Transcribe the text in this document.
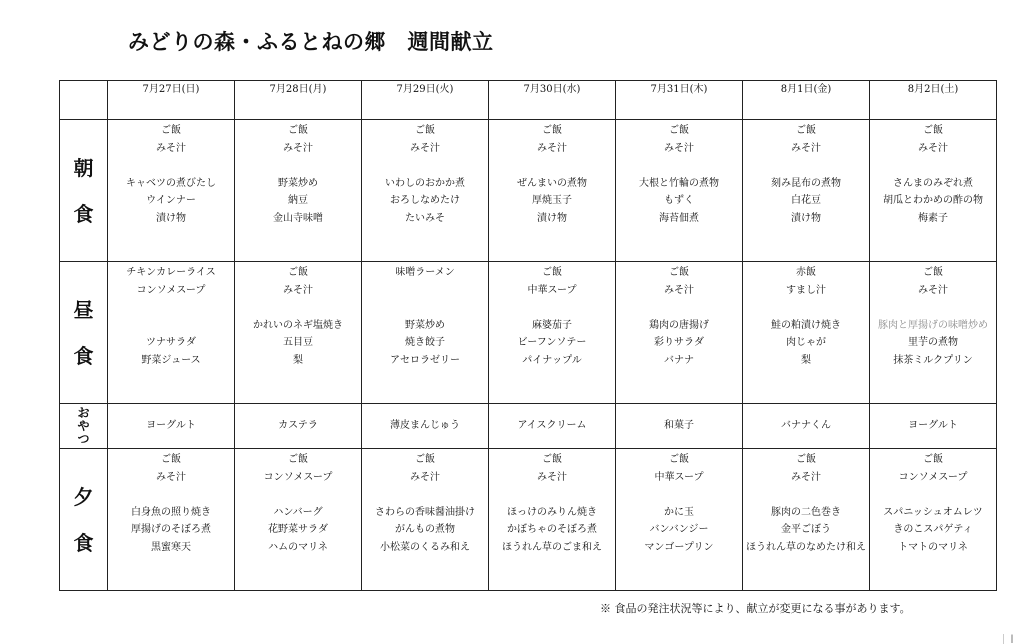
みどりの森・ふるとねの郷　週間献立
	7月27日(日)	7月28日(月)	7月29日(火)	7月30日(水)	7月31日(木)	8月1日(金)	8月2日(土)

朝
食	ご飯
みそ汁
キャベツの煮びたし
ウインナー
漬け物	ご飯
みそ汁
野菜炒め
納豆
金山寺味噌	ご飯
みそ汁
いわしのおかか煮
おろしなめたけ
たいみそ	ご飯
みそ汁
ぜんまいの煮物
厚焼玉子
漬け物	ご飯
みそ汁
大根と竹輪の煮物
もずく
海苔佃煮	ご飯
みそ汁
刻み昆布の煮物
白花豆
漬け物	ご飯
みそ汁
さんまのみぞれ煮
胡瓜とわかめの酢の物
梅素子

昼
食	チキンカレーライス
コンソメスープ
ツナサラダ
野菜ジュース	ご飯
みそ汁
かれいのネギ塩焼き
五目豆
梨	味噌ラーメン
野菜炒め
焼き餃子
アセロラゼリー	ご飯
中華スープ
麻婆茄子
ビーフンソテー
パイナップル	ご飯
みそ汁
鶏肉の唐揚げ
彩りサラダ
バナナ	赤飯
すまし汁
鮭の粕漬け焼き
肉じゃが
梨	ご飯
みそ汁
豚肉と厚揚げの味噌炒め
里芋の煮物
抹茶ミルクプリン

お
や
つ	ヨーグルト	カステラ	薄皮まんじゅう	アイスクリーム	和菓子	バナナくん	ヨーグルト

夕
食	ご飯
みそ汁
白身魚の照り焼き
厚揚げのそぼろ煮
黒蜜寒天	ご飯
コンソメスープ
ハンバーグ
花野菜サラダ
ハムのマリネ	ご飯
みそ汁
さわらの香味醤油掛け
がんもの煮物
小松菜のくるみ和え	ご飯
みそ汁
ほっけのみりん焼き
かぼちゃのそぼろ煮
ほうれん草のごま和え	ご飯
中華スープ
かに玉
バンバンジー
マンゴープリン	ご飯
みそ汁
豚肉の二色巻き
金平ごぼう
ほうれん草のなめたけ和え	ご飯
コンソメスープ
スパニッシュオムレツ
きのこスパゲティ
トマトのマリネ
※ 食品の発注状況等により、献立が変更になる事があります。
‖
